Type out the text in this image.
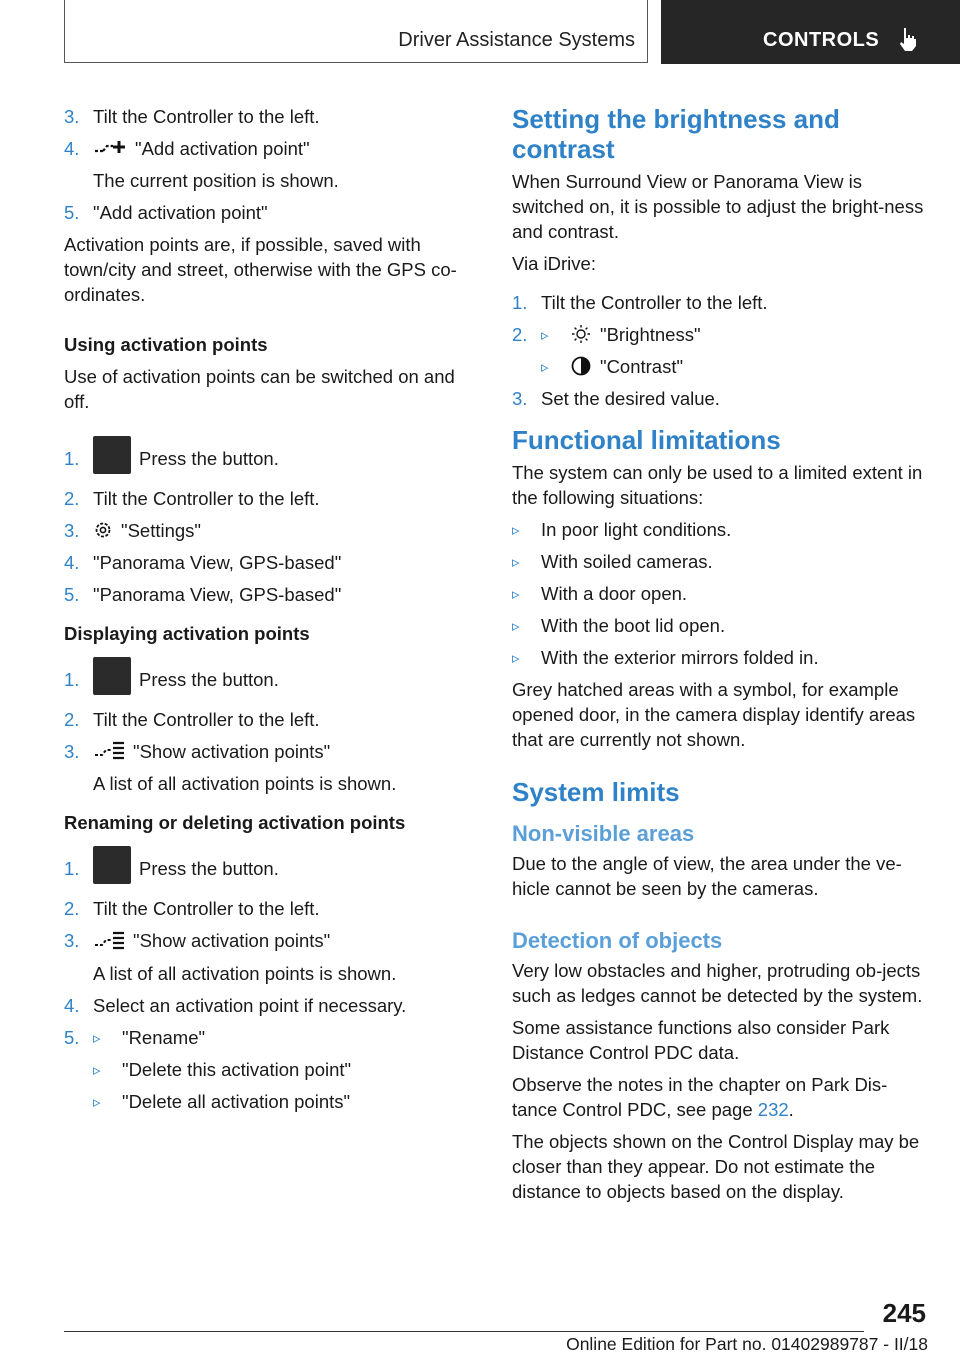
Driver Assistance Systems	CONTROLS
3. Tilt the Controller to the left.
4.	"Add activation point"
The current position is shown.
5. "Add activation point"

Activation points are, if possible, saved with town/city and street, otherwise with the GPS co‐ordinates.

Using activation points

Use of activation points can be switched on and off.

1.	Press the button.
2. Tilt the Controller to the left.
3. "Settings"
4. "Panorama View, GPS-based"
5. "Panorama View, GPS-based"

Displaying activation points

1.	Press the button.
2. Tilt the Controller to the left.
3.	"Show activation points"
A list of all activation points is shown.

Renaming or deleting activation points

1.	Press the button.
2. Tilt the Controller to the left.
3.	"Show activation points"
A list of all activation points is shown.
4. Select an activation point if necessary.
5. ▹ "Rename"
▹ "Delete this activation point"
▹ "Delete all activation points"

Setting the brightness and contrast

When Surround View or Panorama View is switched on, it is possible to adjust the bright‐ness and contrast.

Via iDrive:

1. Tilt the Controller to the left.
2. ▹	"Brightness"
▹	"Contrast"
3. Set the desired value.

Functional limitations

The system can only be used to a limited extent in the following situations:

▹ In poor light conditions.
▹ With soiled cameras.
▹ With a door open.
▹ With the boot lid open.
▹ With the exterior mirrors folded in.

Grey hatched areas with a symbol, for example opened door, in the camera display identify areas that are currently not shown.

System limits

Non-visible areas

Due to the angle of view, the area under the ve‐hicle cannot be seen by the cameras.

Detection of objects

Very low obstacles and higher, protruding ob‐jects such as ledges cannot be detected by the system.

Some assistance functions also consider Park Distance Control PDC data.

Observe the notes in the chapter on Park Dis‐tance Control PDC, see page 232.

The objects shown on the Control Display may be closer than they appear. Do not estimate the distance to objects based on the display.

245
Online Edition for Part no. 01402989787 - II/18
